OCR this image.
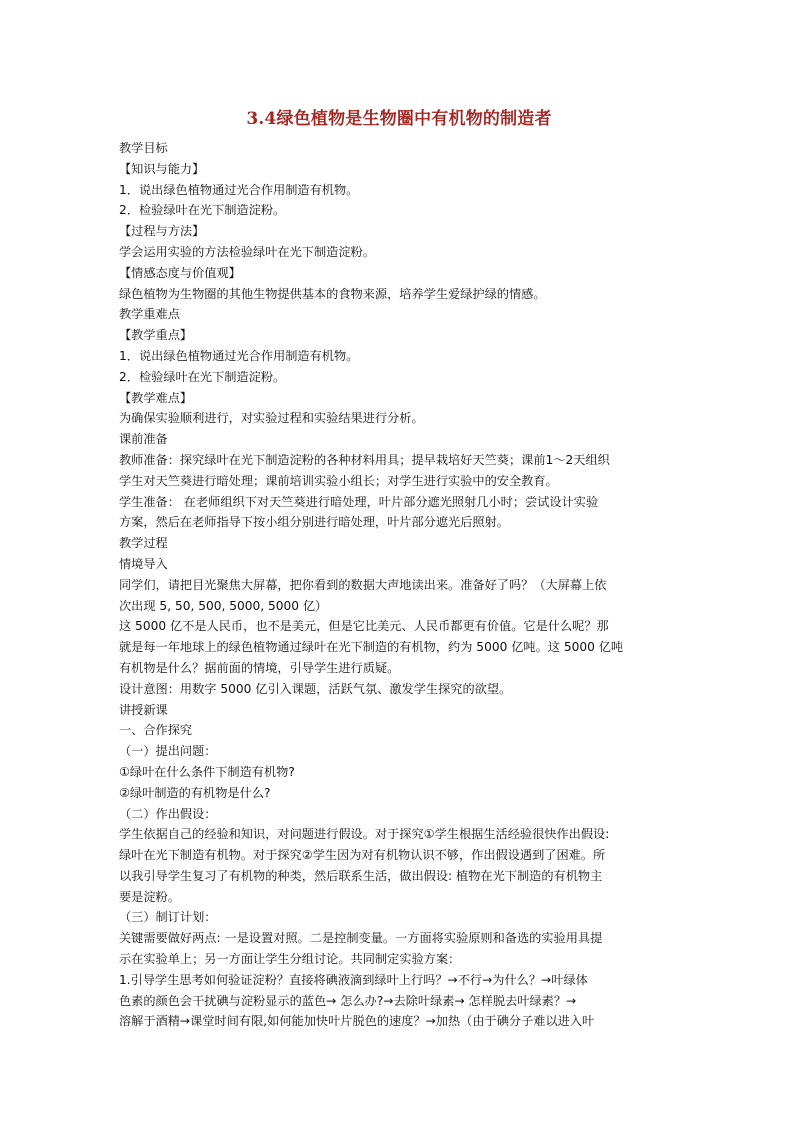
3.4绿色植物是生物圈中有机物的制造者
教学目标
【知识与能力】
1．说出绿色植物通过光合作用制造有机物。
2．检验绿叶在光下制造淀粉。
【过程与方法】
学会运用实验的方法检验绿叶在光下制造淀粉。
【情感态度与价值观】
绿色植物为生物圈的其他生物提供基本的食物来源，培养学生爱绿护绿的情感。
教学重难点
【教学重点】
1．说出绿色植物通过光合作用制造有机物。
2．检验绿叶在光下制造淀粉。
【教学难点】
为确保实验顺利进行，对实验过程和实验结果进行分析。
课前准备
教师准备：探究绿叶在光下制造淀粉的各种材料用具；提早栽培好天竺葵；课前1～2天组织
学生对天竺葵进行暗处理；课前培训实验小组长；对学生进行实验中的安全教育。
学生准备： 在老师组织下对天竺葵进行暗处理，叶片部分遮光照射几小时；尝试设计实验
方案，然后在老师指导下按小组分别进行暗处理，叶片部分遮光后照射。
教学过程
情境导入
同学们，请把目光聚焦大屏幕，把你看到的数据大声地读出来。准备好了吗？（大屏幕上依
次出现 5, 50, 500, 5000, 5000 亿）
这 5000 亿不是人民币，也不是美元，但是它比美元、人民币都更有价值。它是什么呢？那
就是每一年地球上的绿色植物通过绿叶在光下制造的有机物，约为 5000 亿吨。这 5000 亿吨
有机物是什么？据前面的情境，引导学生进行质疑。
设计意图：用数字 5000 亿引入课题，活跃气氛、激发学生探究的欲望。
讲授新课
一、合作探究
（一）提出问题：
①绿叶在什么条件下制造有机物?
②绿叶制造的有机物是什么?
（二）作出假设：
学生依据自己的经验和知识，对问题进行假设。对于探究①学生根据生活经验很快作出假设:
绿叶在光下制造有机物。对于探究②学生因为对有机物认识不够，作出假设遇到了困难。所
以我引导学生复习了有机物的种类，然后联系生活，做出假设: 植物在光下制造的有机物主
要是淀粉。
（三）制订计划：
关键需要做好两点: 一是设置对照。二是控制变量。一方面将实验原则和备选的实验用具提
示在实验单上；另一方面让学生分组讨论。共同制定实验方案：
1.引导学生思考如何验证淀粉？直接将碘液滴到绿叶上行吗？→不行→为什么？→叶绿体
色素的颜色会干扰碘与淀粉显示的蓝色→ 怎么办?→去除叶绿素→ 怎样脱去叶绿素？→
溶解于酒精→课堂时间有限,如何能加快叶片脱色的速度？→加热（由于碘分子难以进入叶
